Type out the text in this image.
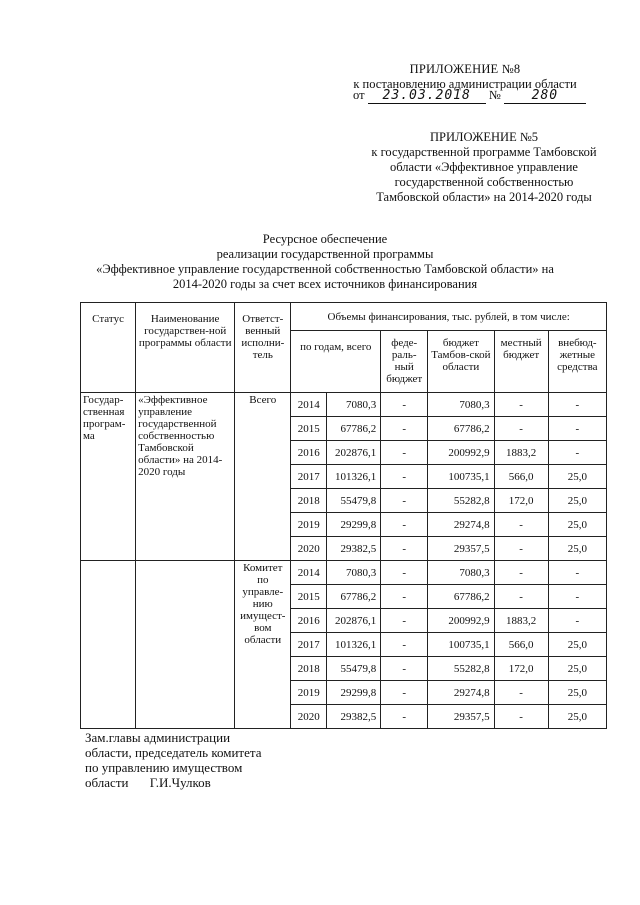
ПРИЛОЖЕНИЕ №8
к постановлению администрации области
от 23.03.2018 № 280
ПРИЛОЖЕНИЕ №5
к государственной программе Тамбовской
области «Эффективное управление
государственной собственностью
Тамбовской области» на 2014-2020 годы
Ресурсное обеспечение
реализации государственной программы
«Эффективное управление государственной собственностью Тамбовской области» на
2014-2020 годы за счет всех источников финансирования
Статус	Наименование государствен-ной программы области	Ответст-венный исполни-тель	Объемы финансирования, тыс. рублей, в том числе:					
			по годам, всего		феде-раль-ный бюджет	бюджет Тамбов-ской области	местный бюджет	внебюд-жетные средства
Государ-ственная програм-ма	«Эффективное управление государственной собственностью Тамбовской области» на 2014-2020 годы	Всего	2014	7080,3	-	7080,3	-	-
			2015	67786,2	-	67786,2	-	-
			2016	202876,1	-	200992,9	1883,2	-
			2017	101326,1	-	100735,1	566,0	25,0
			2018	55479,8	-	55282,8	172,0	25,0
			2019	29299,8	-	29274,8	-	25,0
			2020	29382,5	-	29357,5	-	25,0
		Комитет по управле-нию имущест-вом области	2014	7080,3	-	7080,3	-	-
			2015	67786,2	-	67786,2	-	-
			2016	202876,1	-	200992,9	1883,2	-
			2017	101326,1	-	100735,1	566,0	25,0
			2018	55479,8	-	55282,8	172,0	25,0
			2019	29299,8	-	29274,8	-	25,0
			2020	29382,5	-	29357,5	-	25,0
Зам.главы администрации
области, председатель комитета
по управлению имуществом
области Г.И.Чулков
